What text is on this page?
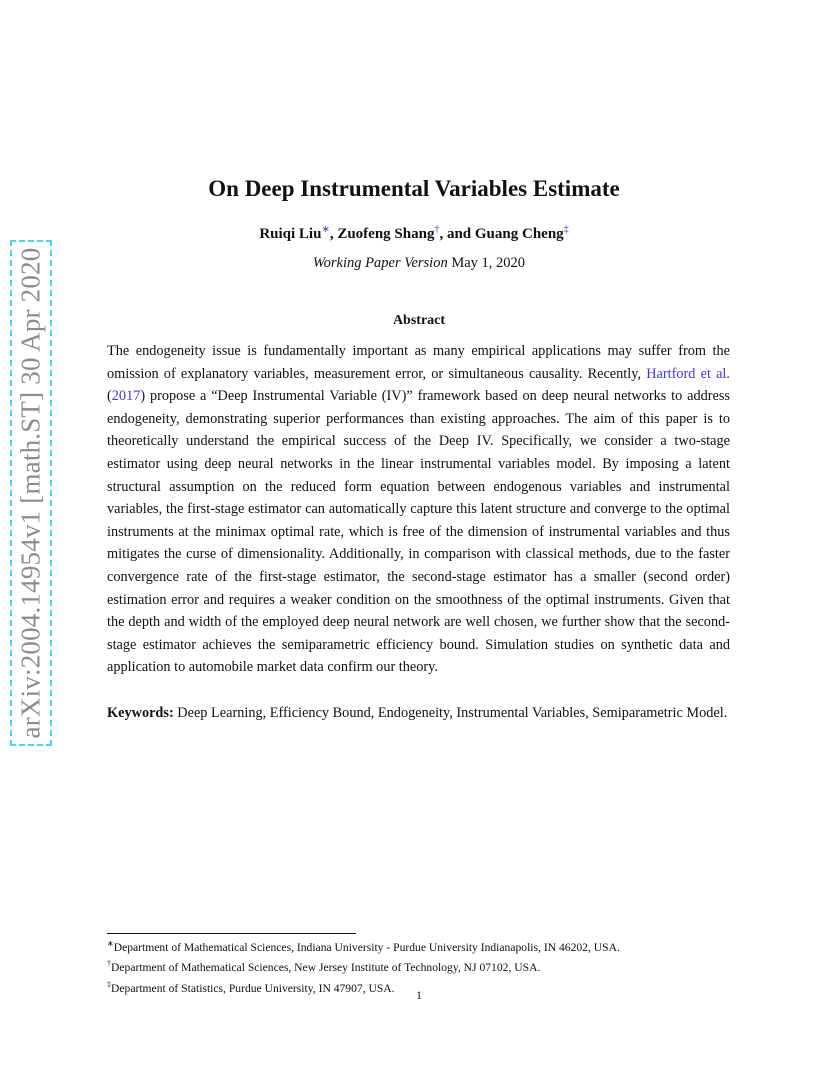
arXiv:2004.14954v1 [math.ST] 30 Apr 2020
On Deep Instrumental Variables Estimate
Ruiqi Liu∗, Zuofeng Shang†, and Guang Cheng‡
Working Paper Version May 1, 2020
Abstract

The endogeneity issue is fundamentally important as many empirical applications may suffer from the omission of explanatory variables, measurement error, or simultaneous causality. Recently, Hartford et al. (2017) propose a “Deep Instrumental Variable (IV)” framework based on deep neural networks to address endogeneity, demonstrating superior performances than existing approaches. The aim of this paper is to theoretically understand the empirical success of the Deep IV. Specifically, we consider a two-stage estimator using deep neural networks in the linear instrumental variables model. By imposing a latent structural assumption on the reduced form equation between endogenous variables and instrumental variables, the first-stage estimator can automatically capture this latent structure and converge to the optimal instruments at the minimax optimal rate, which is free of the dimension of instrumental variables and thus mitigates the curse of dimensionality. Additionally, in comparison with classical methods, due to the faster convergence rate of the first-stage estimator, the second-stage estimator has a smaller (second order) estimation error and requires a weaker condition on the smoothness of the optimal instruments. Given that the depth and width of the employed deep neural network are well chosen, we further show that the second-stage estimator achieves the semiparametric efficiency bound. Simulation studies on synthetic data and application to automobile market data confirm our theory.

Keywords: Deep Learning, Efficiency Bound, Endogeneity, Instrumental Variables, Semiparametric Model.

∗Department of Mathematical Sciences, Indiana University - Purdue University Indianapolis, IN 46202, USA.
†Department of Mathematical Sciences, New Jersey Institute of Technology, NJ 07102, USA.
‡Department of Statistics, Purdue University, IN 47907, USA.	1
